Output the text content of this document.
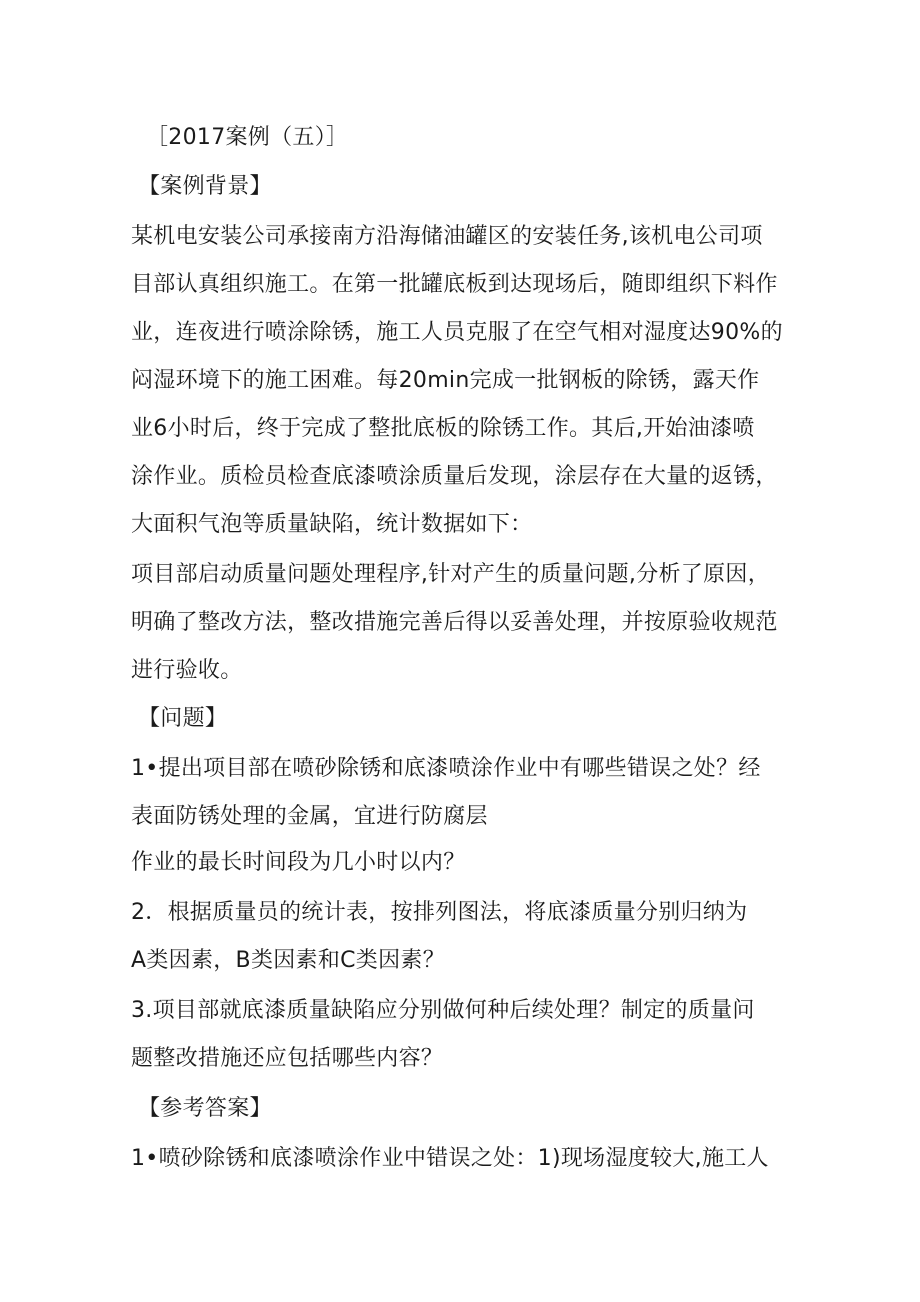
［2017案例（五）］
【案例背景】
某机电安装公司承接南方沿海储油罐区的安装任务,该机电公司项
目部认真组织施工。在第一批罐底板到达现场后，随即组织下料作
业，连夜进行喷涂除锈，施工人员克服了在空气相对湿度达90%的
闷湿环境下的施工困难。每20min完成一批钢板的除锈，露天作
业6小时后，终于完成了整批底板的除锈工作。其后,开始油漆喷
涂作业。质检员检查底漆喷涂质量后发现，涂层存在大量的返锈，
大面积气泡等质量缺陷，统计数据如下：
项目部启动质量问题处理程序,针对产生的质量问题,分析了原因，
明确了整改方法，整改措施完善后得以妥善处理，并按原验收规范
进行验收。
【问题】
1•提出项目部在喷砂除锈和底漆喷涂作业中有哪些错误之处？经
表面防锈处理的金属，宜进行防腐层
作业的最长时间段为几小时以内？
2．根据质量员的统计表，按排列图法，将底漆质量分别归纳为
A类因素，B类因素和C类因素？
3.项目部就底漆质量缺陷应分别做何种后续处理？制定的质量问
题整改措施还应包括哪些内容？
【参考答案】
1•喷砂除锈和底漆喷涂作业中错误之处：1)现场湿度较大,施工人
